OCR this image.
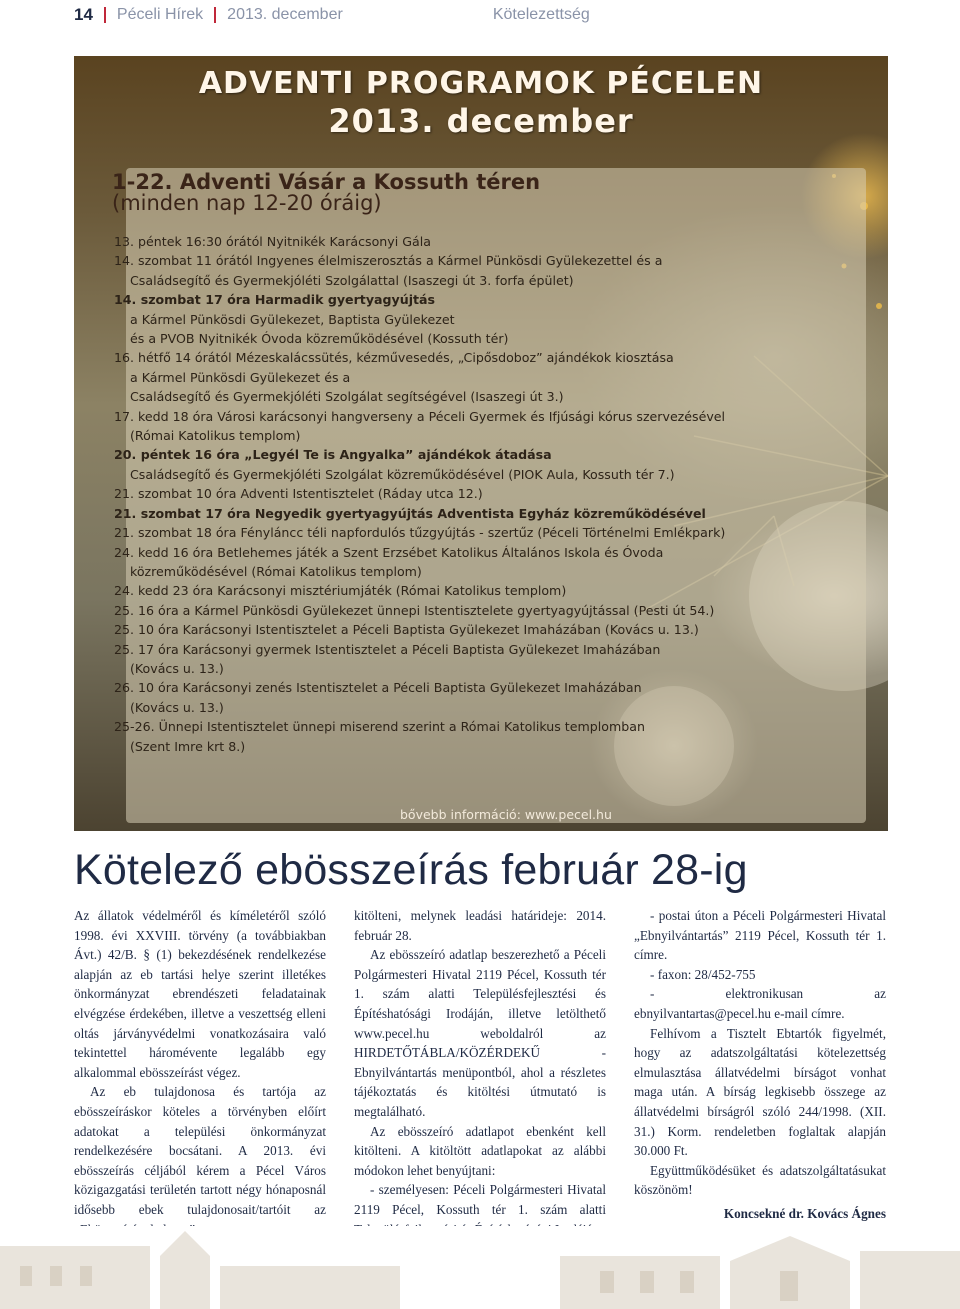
14 Péceli Hírek 2013. december	Kötelezettség
ADVENTI PROGRAMOK PÉCELEN
2013. december
1-22. Adventi Vásár a Kossuth téren
(minden nap 12-20 óráig)
13. péntek 16:30 órától Nyitnikék Karácsonyi Gála
14. szombat 11 órától Ingyenes élelmiszerosztás a Kármel Pünkösdi Gyülekezettel és a
Családsegítő és Gyermekjóléti Szolgálattal (Isaszegi út 3. forfa épület)
14. szombat 17 óra Harmadik gyertyagyújtás
a Kármel Pünkösdi Gyülekezet, Baptista Gyülekezet
és a PVOB Nyitnikék Óvoda közreműködésével (Kossuth tér)
16. hétfő 14 órától Mézeskalácssütés, kézművesedés, „Cipősdoboz” ajándékok kiosztása
a Kármel Pünkösdi Gyülekezet és a
Családsegítő és Gyermekjóléti Szolgálat segítségével (Isaszegi út 3.)
17. kedd 18 óra Városi karácsonyi hangverseny a Péceli Gyermek és Ifjúsági kórus szervezésével
(Római Katolikus templom)
20. péntek 16 óra „Legyél Te is Angyalka” ajándékok átadása
Családsegítő és Gyermekjóléti Szolgálat közreműködésével (PIOK Aula, Kossuth tér 7.)
21. szombat 10 óra Adventi Istentisztelet (Ráday utca 12.)
21. szombat 17 óra Negyedik gyertyagyújtás Adventista Egyház közreműködésével
21. szombat 18 óra Fényláncc téli napfordulós tűzgyújtás - szertűz (Péceli Történelmi Emlékpark)
24. kedd 16 óra Betlehemes játék a Szent Erzsébet Katolikus Általános Iskola és Óvoda
közreműködésével (Római Katolikus templom)
24. kedd 23 óra Karácsonyi misztériumjáték (Római Katolikus templom)
25. 16 óra a Kármel Pünkösdi Gyülekezet ünnepi Istentisztelete gyertyagyújtással (Pesti út 54.)
25. 10 óra Karácsonyi Istentisztelet a Péceli Baptista Gyülekezet Imaházában (Kovács u. 13.)
25. 17 óra Karácsonyi gyermek Istentisztelet a Péceli Baptista Gyülekezet Imaházában
(Kovács u. 13.)
26. 10 óra Karácsonyi zenés Istentisztelet a Péceli Baptista Gyülekezet Imaházában
(Kovács u. 13.)
25-26. Ünnepi Istentisztelet ünnepi miserend szerint a Római Katolikus templomban
(Szent Imre krt 8.)
bővebb információ: www.pecel.hu
Kötelező ebösszeírás február 28-ig

Az állatok védelméről és kíméletéről szóló 1998. évi XXVIII. törvény (a továbbiakban Ávt.) 42/B. § (1) bekezdésének rendelkezése alapján az eb tartási helye szerint illetékes önkormányzat ebrendészeti feladatainak elvégzése érdekében, illetve a veszettség elleni oltás járványvédelmi vonatkozásaira való tekintettel háromévente legalább egy alkalommal ebösszeírást végez.

Az eb tulajdonosa és tartója az ebösszeíráskor köteles a törvényben előírt adatokat a települési önkormányzat rendelkezésére bocsátani. A 2013. évi ebösszeírás céljából kérem a Pécel Város közigazgatási területén tartott négy hónaposnál idősebb ebek tulajdonosait/tartóit az

kitölteni, melynek leadási határideje: 2014. február 28.

Az ebösszeíró adatlap beszerezhető a Péceli Polgármesteri Hivatal 2119 Pécel, Kossuth tér 1. szám alatti Településfejlesztési és Építéshatósági Irodáján, illetve letölthető www.pecel.hu weboldalról az HIRDETŐTÁBLA/KÖZÉRDEKŰ - Ebnyilvántartás menüpontból, ahol a részletes tájékoztatás és kitöltési útmutató is megtalálható.

Az ebösszeíró adatlapot ebenként kell kitölteni. A kitöltött adatlapokat az alábbi módokon lehet benyújtani:

- személyesen: Péceli Polgármesteri Hivatal 2119 Pécel, Kossuth tér 1. szám alatti

- postai úton a Péceli Polgármesteri Hivatal „Ebnyilvántartás” 2119 Pécel, Kossuth tér 1. címre.

- faxon: 28/452-755

- elektronikusan az ebnyilvantartas@pecel.hu e-mail címre.

Felhívom a Tisztelt Ebtartók figyelmét, hogy az adatszolgáltatási kötelezettség elmulasztása állatvédelmi bírságot vonhat maga után. A bírság legkisebb összege az állatvédelmi bírságról szóló 244/1998. (XII. 31.) Korm. rendeletben foglaltak alapján 30.000 Ft.

Együttműködésüket és adatszolgáltatásukat köszönöm!

Koncsekné dr. Kovács Ágnes
